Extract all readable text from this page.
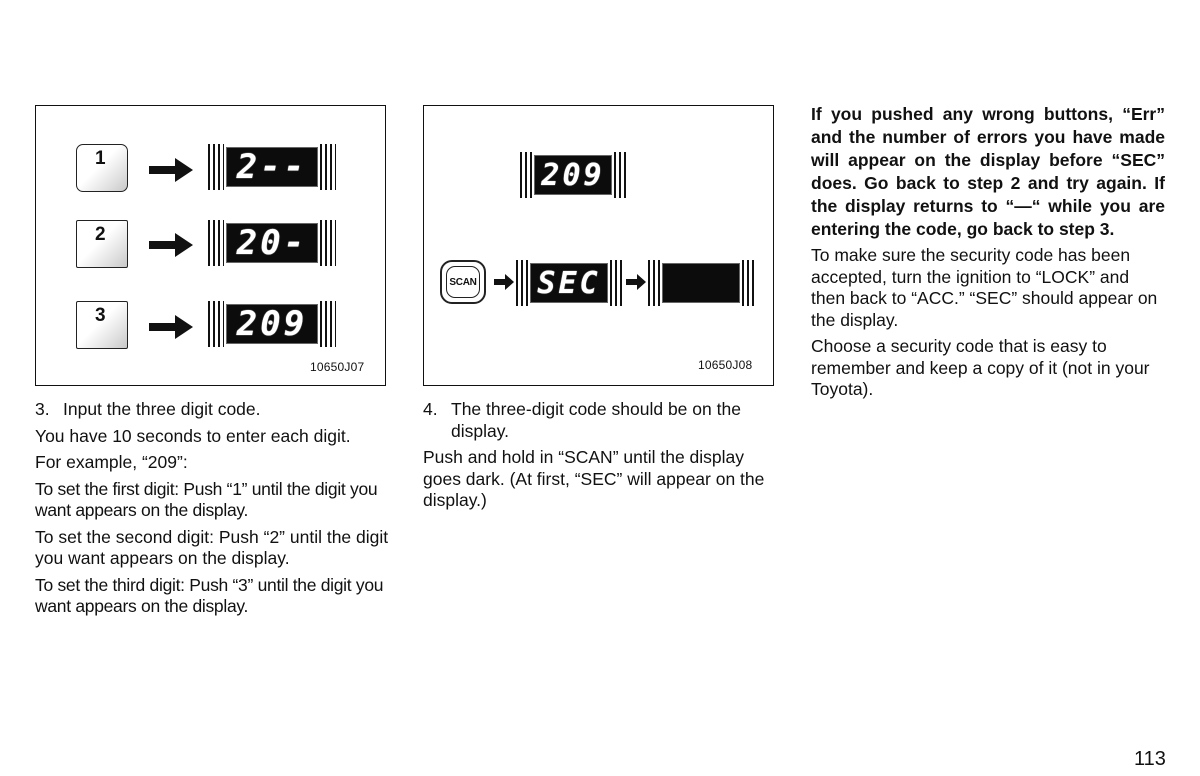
1	2--
2	20-
3	209
10650J07
209
SCAN SEC
10650J08

3. Input the three digit code.

You have 10 seconds to enter each digit.

For example, “209”:

To set the first digit: Push “1” until the digit you want appears on the display.

To set the second digit: Push “2” until the digit you want appears on the display.

To set the third digit: Push “3” until the digit you want appears on the display.

4. The three-digit code should be on the display.

Push and hold in “SCAN” until the display goes dark. (At first, “SEC” will appear on the display.)

If you pushed any wrong buttons, “Err” and the number of errors you have made will appear on the display before “SEC” does. Go back to step 2 and try again. If the display returns to “—“ while you are entering the code, go back to step 3.

To make sure the security code has been accepted, turn the ignition to “LOCK” and then back to “ACC.” “SEC” should appear on the display.

Choose a security code that is easy to remember and keep a copy of it (not in your Toyota).

113
